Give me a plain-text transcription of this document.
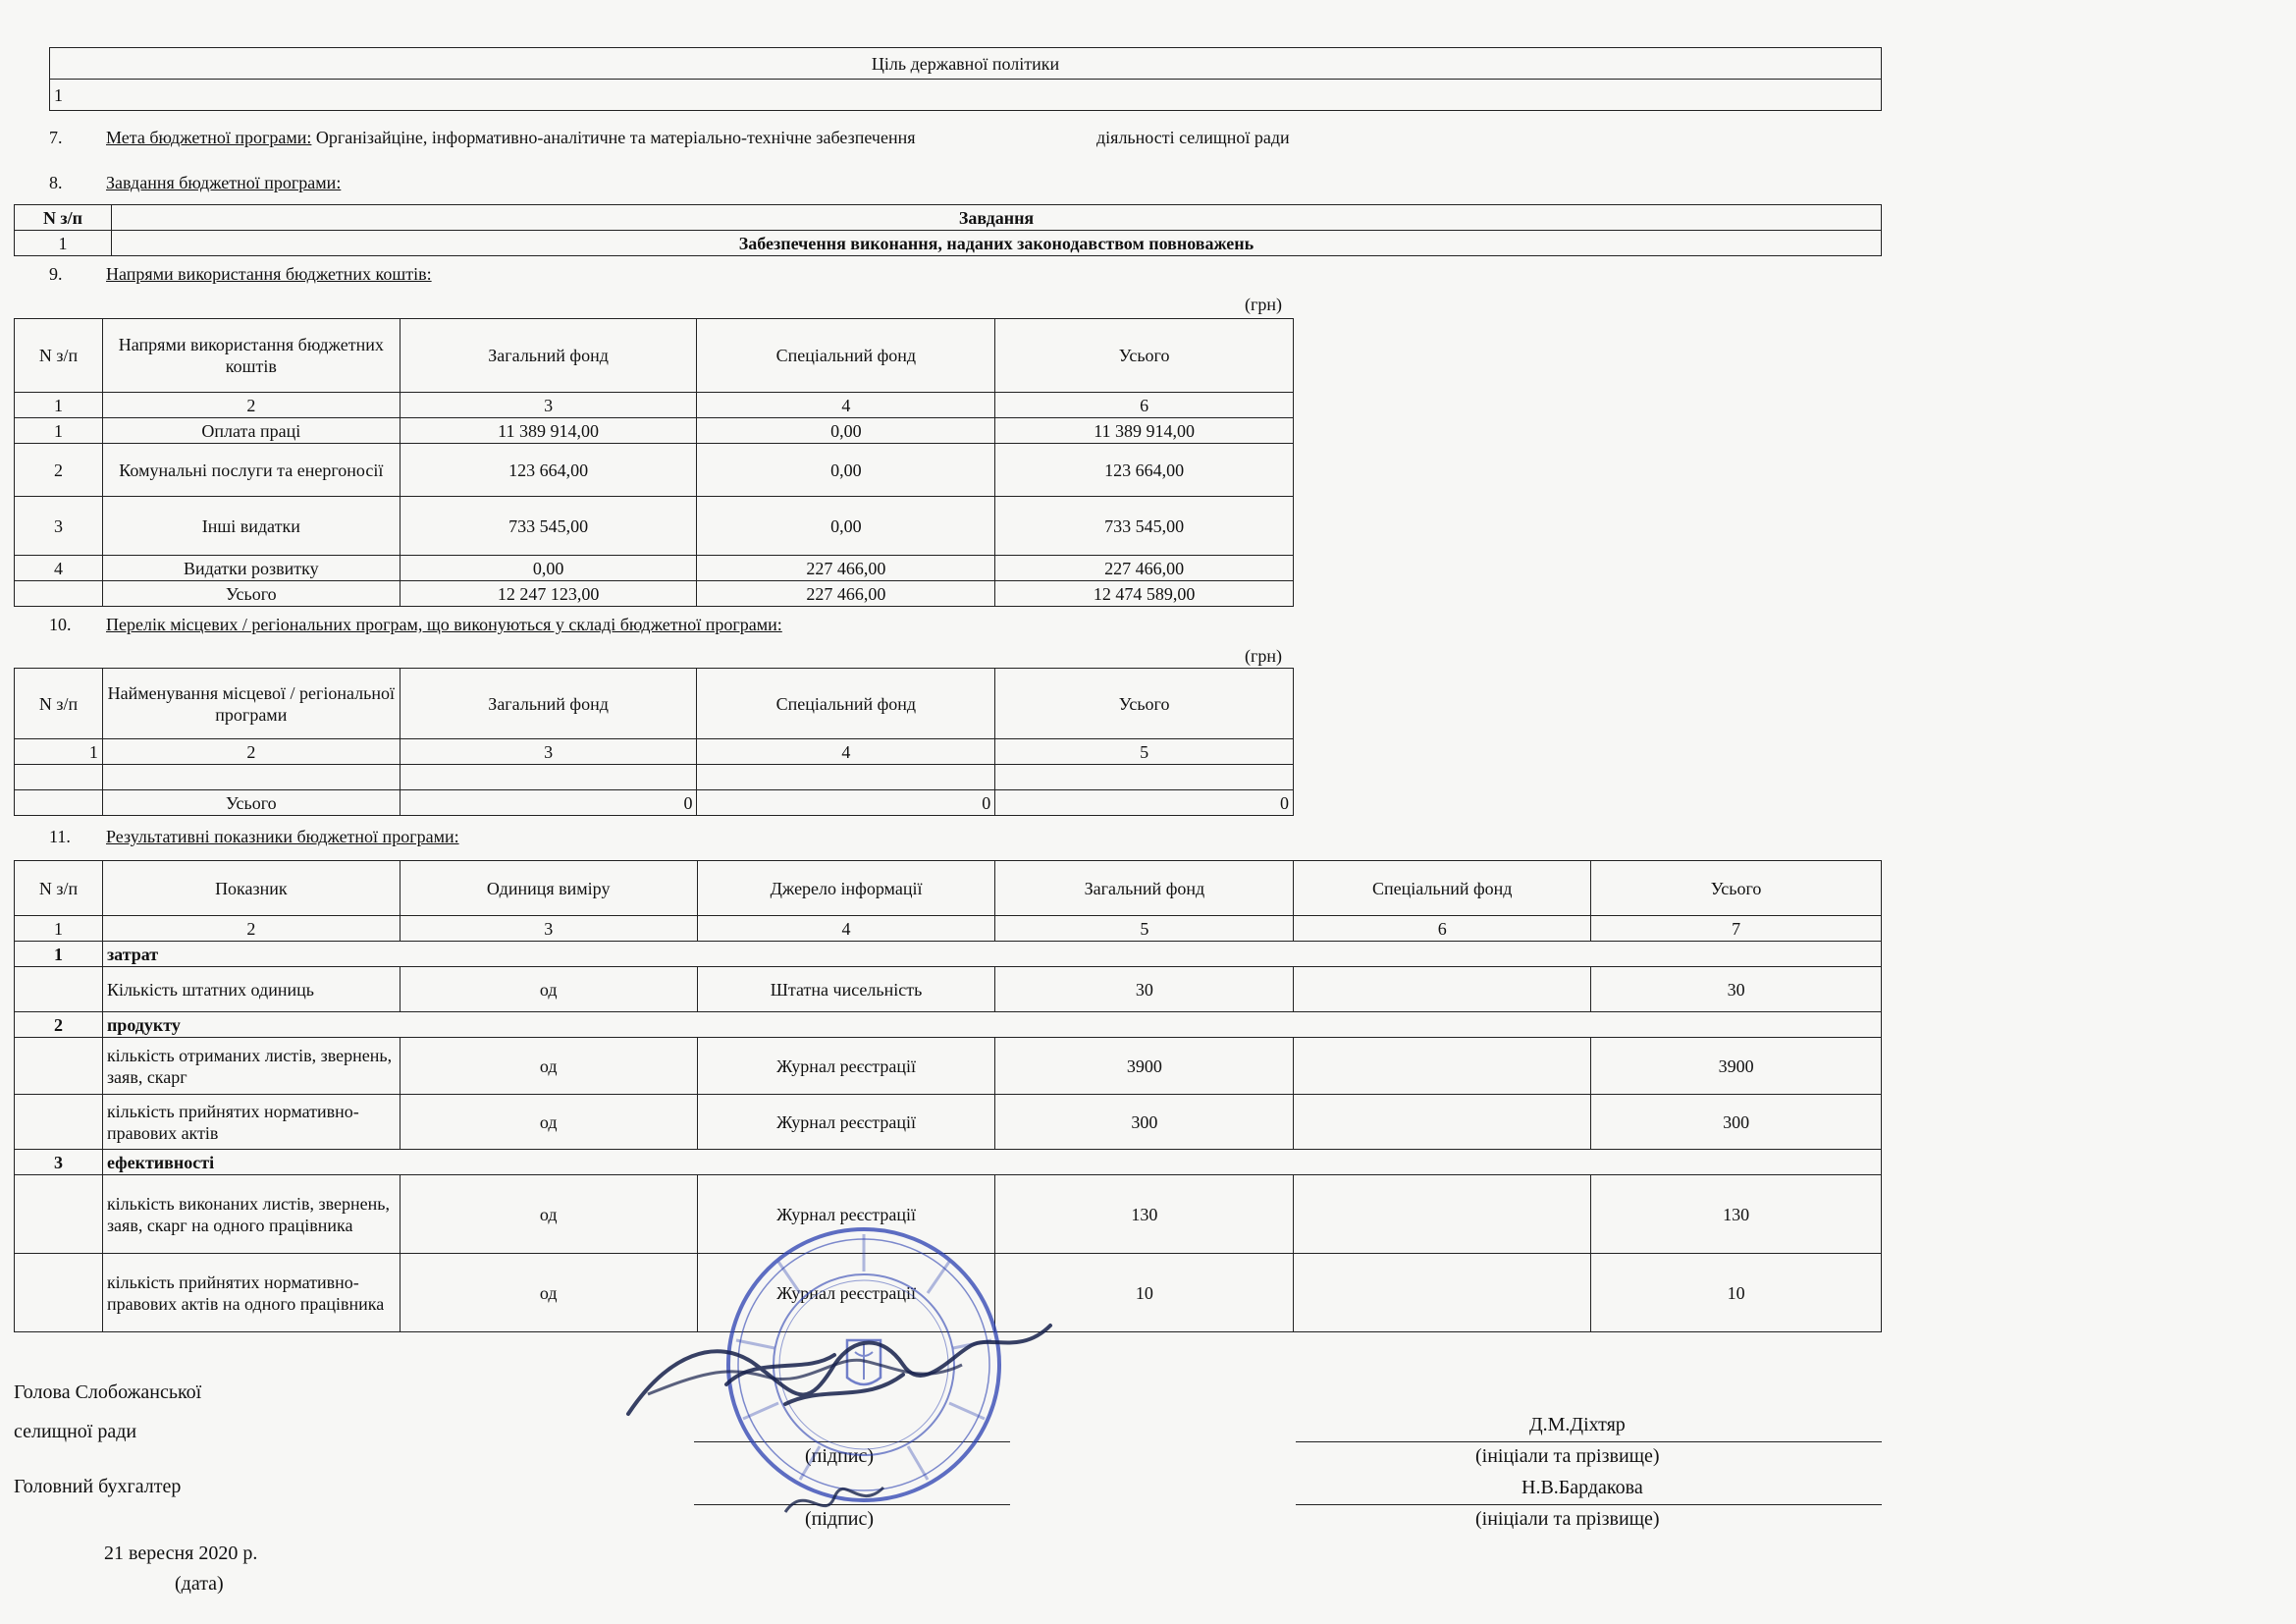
Ціль державної політики
1
7. Мета бюджетної програми: Організайціне, інформативно-аналітичне та матеріально-технічне забезпечення	діяльності селищної ради
8. Завдання бюджетної програми:
N з/п	Завдання
1	Забезпечення виконання, наданих законодавством повноважень
9. Напрями використання бюджетних коштів:
(грн)
N з/п	Напрями використання бюджетних коштів	Загальний фонд	Спеціальний фонд	Усього
1	2	3	4	6
1	Оплата праці	11 389 914,00	0,00	11 389 914,00
2	Комунальні послуги та енергоносії	123 664,00	0,00	123 664,00
3	Інші видатки	733 545,00	0,00	733 545,00
4	Видатки розвитку	0,00	227 466,00	227 466,00
	Усього	12 247 123,00	227 466,00	12 474 589,00
10. Перелік місцевих / регіональних програм, що виконуються у складі бюджетної програми:
(грн)
N з/п	Найменування місцевої / регіональної програми	Загальний фонд	Спеціальний фонд	Усього
1	2	3	4	5

	Усього	0	0	0
11. Результативні показники бюджетної програми:
N з/п	Показник	Одиниця виміру	Джерело інформації	Загальний фонд	Спеціальний фонд	Усього
1	2	3	4	5	6	7
1	затрат					
	Кількість штатних одиниць	од	Штатна чисельність	30		30
2	продукту					
	кількість отриманих листів, звернень, заяв, скарг	од	Журнал реєстрації	3900		3900
	кількість прийнятих нормативно-правових актів	од	Журнал реєстрації	300		300
3	ефективності					
	кількість виконаних листів, звернень, заяв, скарг на одного працівника	од	Журнал реєстрації	130		130
	кількість прийнятих нормативно-правових актів на одного працівника	од	Журнал реєстрації	10		10
Голова Слобожанської
селищної ради
(підпис)
Д.М.Діхтяр
(ініціали та прізвище)
Головний бухгалтер
(підпис)
Н.В.Бардакова
(ініціали та прізвище)
21 вересня 2020 р.
(дата)
